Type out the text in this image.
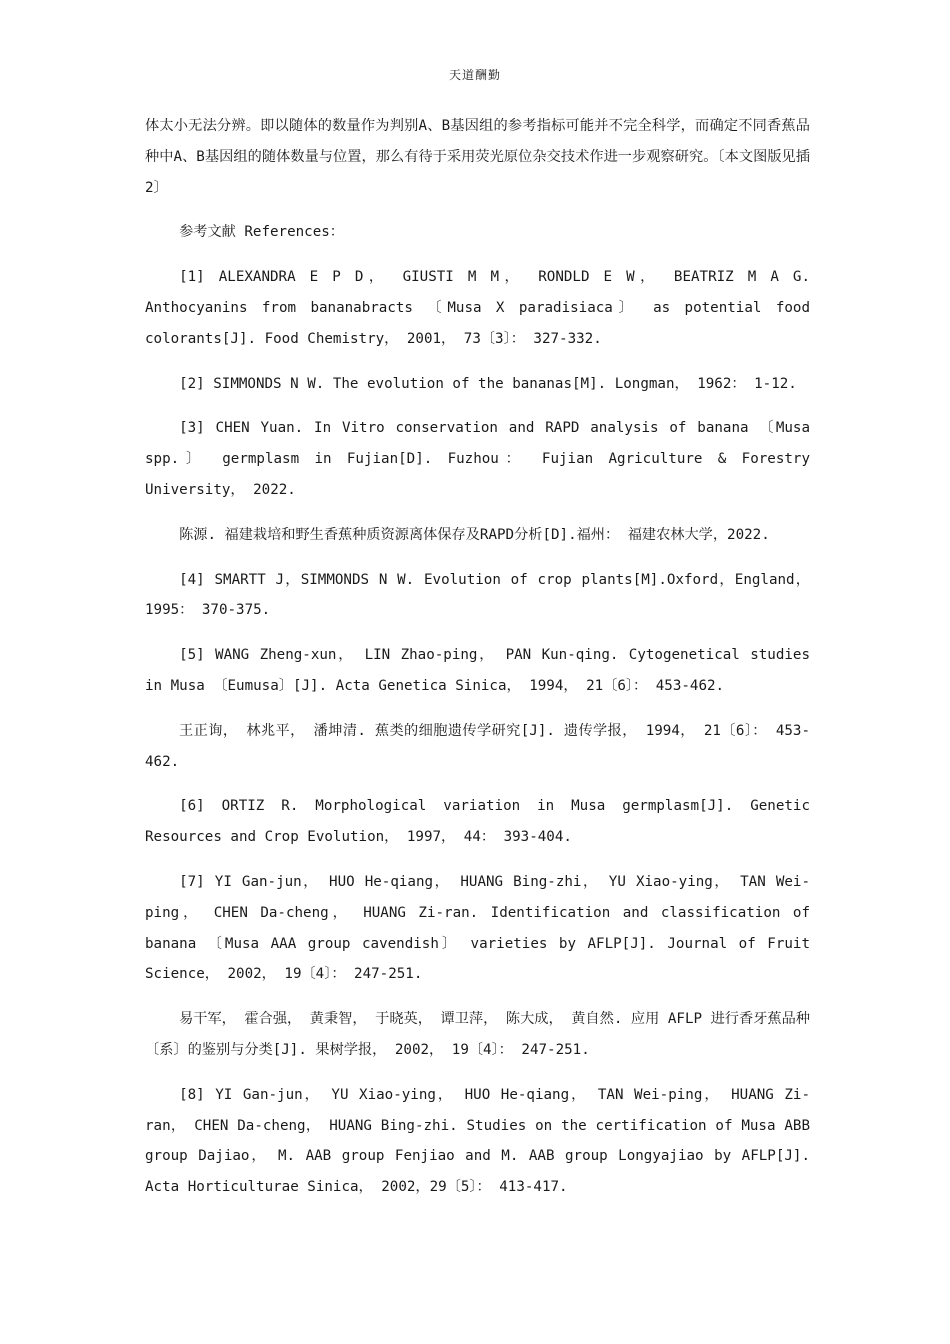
天道酬勤

体太小无法分辨。即以随体的数量作为判别A、B基因组的参考指标可能并不完全科学，而确定不同香蕉品种中A、B基因组的随体数量与位置，那么有待于采用荧光原位杂交技术作进一步观察研究。〔本文图版见插2〕

参考文献 References：

[1] ALEXANDRA E P D， GIUSTI M M， RONDLD E W， BEATRIZ M A G. Anthocyanins from bananabracts 〔Musa X paradisiaca〕 as potential food colorants[J]. Food Chemistry， 2001， 73〔3〕： 327-332.

[2] SIMMONDS N W. The evolution of the bananas[M]. Longman， 1962： 1-12.

[3] CHEN Yuan. In Vitro conservation and RAPD analysis of banana 〔Musa spp.〕 germplasm in Fujian[D]. Fuzhou： Fujian Agriculture & Forestry University， 2022.

陈源. 福建栽培和野生香蕉种质资源离体保存及RAPD分析[D].福州： 福建农林大学，2022.

[4] SMARTT J，SIMMONDS N W. Evolution of crop plants[M].Oxford，England，1995： 370-375.

[5] WANG Zheng-xun， LIN Zhao-ping， PAN Kun-qing. Cytogenetical studies in Musa 〔Eumusa〕[J]. Acta Genetica Sinica， 1994， 21〔6〕： 453-462.

王正询， 林兆平， 潘坤清. 蕉类的细胞遗传学研究[J]. 遗传学报， 1994， 21〔6〕： 453-462.

[6] ORTIZ R. Morphological variation in Musa germplasm[J]. Genetic Resources and Crop Evolution， 1997， 44： 393-404.

[7] YI Gan-jun， HUO He-qiang， HUANG Bing-zhi， YU Xiao-ying， TAN Wei-ping， CHEN Da-cheng， HUANG Zi-ran. Identification and classification of banana 〔Musa AAA group cavendish〕 varieties by AFLP[J]. Journal of Fruit Science， 2002， 19〔4〕： 247-251.

易干军， 霍合强， 黄秉智， 于晓英， 谭卫萍， 陈大成， 黄自然. 应用 AFLP 进行香牙蕉品种〔系〕的鉴别与分类[J]. 果树学报， 2002， 19〔4〕： 247-251.

[8] YI Gan-jun， YU Xiao-ying， HUO He-qiang， TAN Wei-ping， HUANG Zi-ran， CHEN Da-cheng， HUANG Bing-zhi. Studies on the certification of Musa ABB group Dajiao， M. AAB group Fenjiao and M. AAB group Longyajiao by AFLP[J]. Acta Horticulturae Sinica， 2002，29〔5〕： 413-417.
